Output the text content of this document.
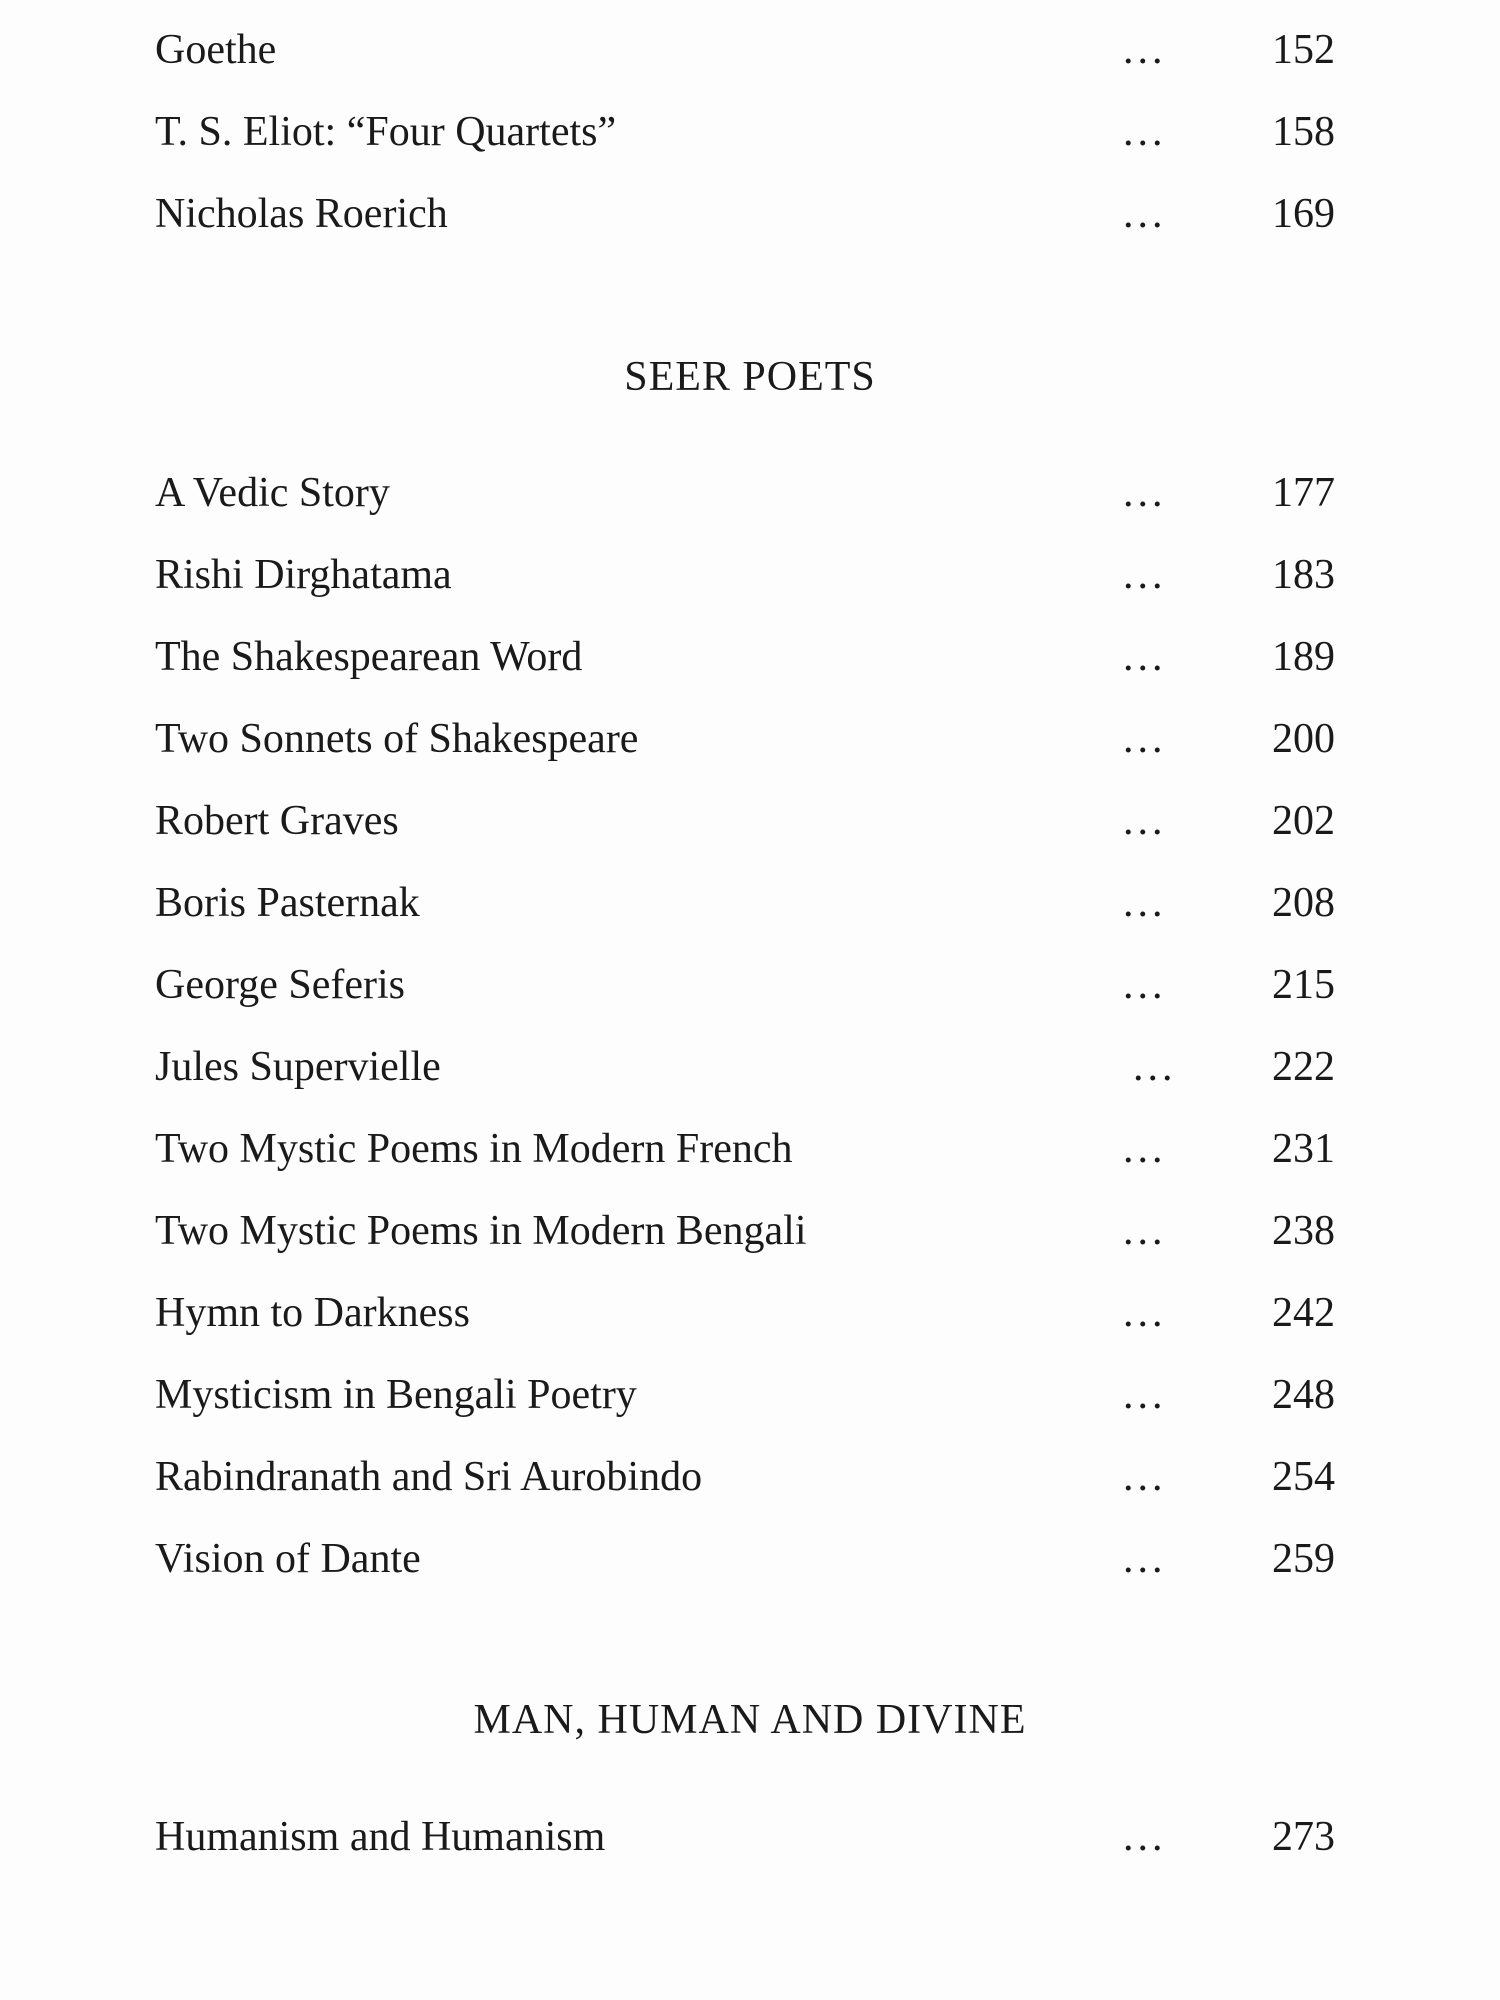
Goethe	...	152
T. S. Eliot: “Four Quartets”	...	158
Nicholas Roerich	...	169
SEER POETS
A Vedic Story	...	177
Rishi Dirghatama	...	183
The Shakespearean Word	...	189
Two Sonnets of Shakespeare	...	200
Robert Graves	...	202
Boris Pasternak	...	208
George Seferis	...	215
Jules Supervielle	... 222
Two Mystic Poems in Modern French	...	231
Two Mystic Poems in Modern Bengali	...	238
Hymn to Darkness	...	242
Mysticism in Bengali Poetry	...	248
Rabindranath and Sri Aurobindo	...	254
Vision of Dante	...	259
MAN, HUMAN AND DIVINE
Humanism and Humanism	...	273
